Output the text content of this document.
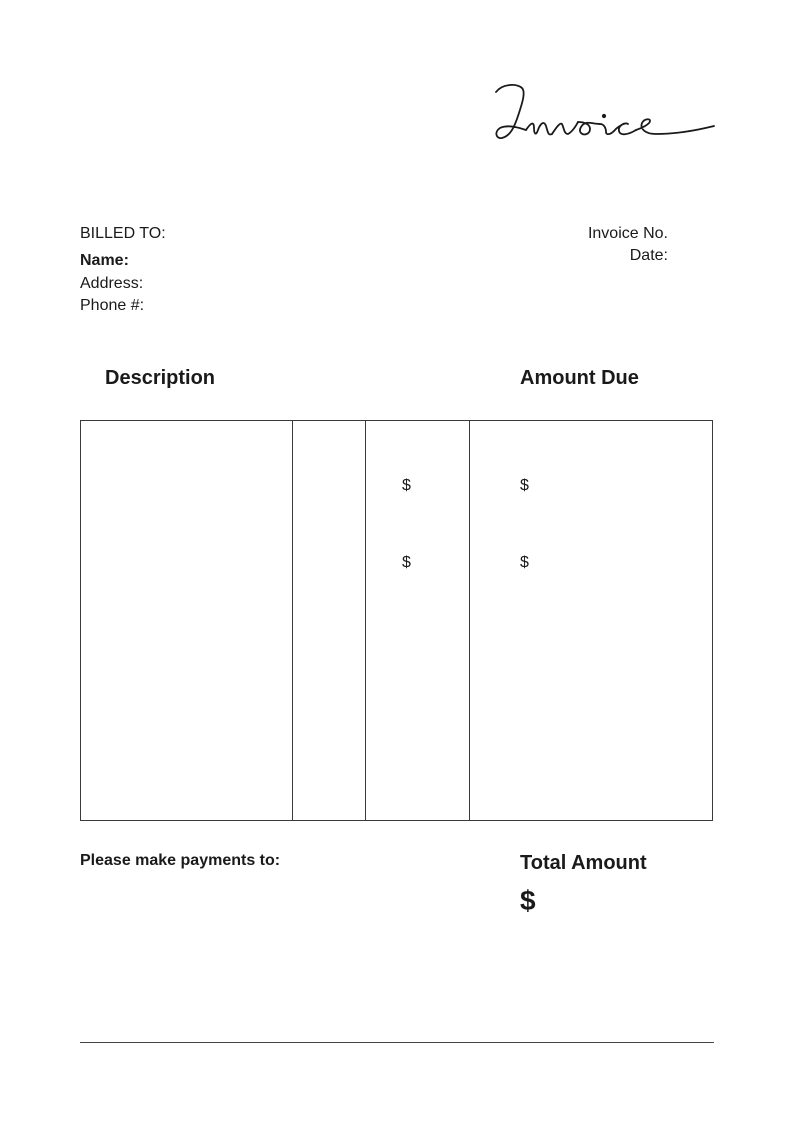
BILLED TO:
Name:
Address:
Phone #:
Invoice No.
Date:
Description	Amount Due
$	$
$	$
Please make payments to:	Total Amount
$
